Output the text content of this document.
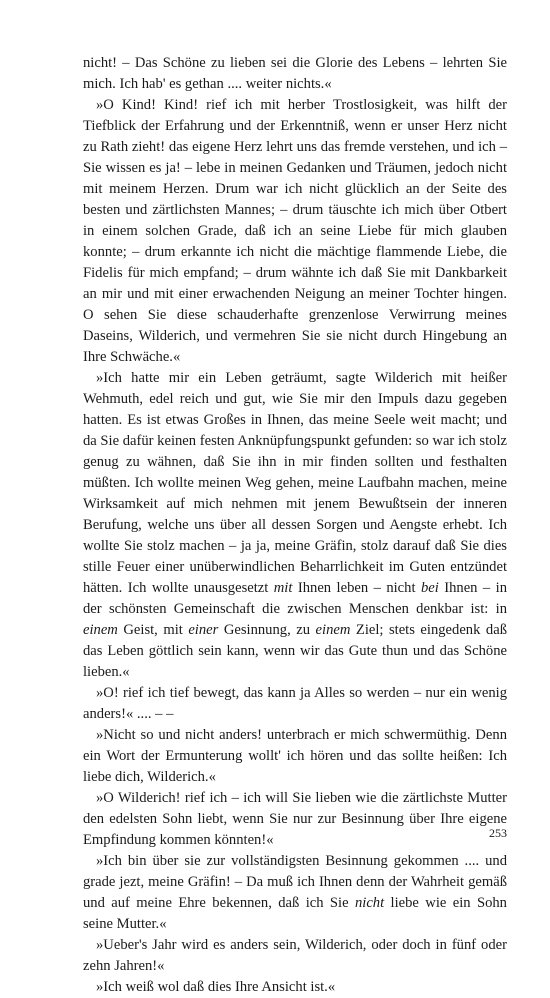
nicht! – Das Schöne zu lieben sei die Glorie des Lebens – lehrten Sie mich. Ich hab' es gethan .... weiter nichts.«

»O Kind! Kind! rief ich mit herber Trostlosigkeit, was hilft der Tiefblick der Erfahrung und der Erkenntniß, wenn er unser Herz nicht zu Rath zieht! das eigene Herz lehrt uns das fremde verstehen, und ich – Sie wissen es ja! – lebe in meinen Gedanken und Träumen, jedoch nicht mit meinem Herzen. Drum war ich nicht glücklich an der Seite des besten und zärtlichsten Mannes; – drum täuschte ich mich über Otbert in einem solchen Grade, daß ich an seine Liebe für mich glauben konnte; – drum erkannte ich nicht die mächtige flammende Liebe, die Fidelis für mich empfand; – drum wähnte ich daß Sie mit Dankbarkeit an mir und mit einer erwachenden Neigung an meiner Tochter hingen. O sehen Sie diese schauderhafte grenzenlose Verwirrung meines Daseins, Wilderich, und vermehren Sie sie nicht durch Hingebung an Ihre Schwäche.«

»Ich hatte mir ein Leben geträumt, sagte Wilderich mit heißer Wehmuth, edel reich und gut, wie Sie mir den Impuls dazu gegeben hatten. Es ist etwas Großes in Ihnen, das meine Seele weit macht; und da Sie dafür keinen festen Anknüpfungspunkt gefunden: so war ich stolz genug zu wähnen, daß Sie ihn in mir finden sollten und festhalten müßten. Ich wollte meinen Weg gehen, meine Laufbahn machen, meine Wirksamkeit auf mich nehmen mit jenem Bewußtsein der inneren Berufung, welche uns über all dessen Sorgen und Aengste erhebt. Ich wollte Sie stolz machen – ja ja, meine Gräfin, stolz darauf daß Sie dies stille Feuer einer unüberwindlichen Beharrlichkeit im Guten entzündet hätten. Ich wollte unausgesetzt mit Ihnen leben – nicht bei Ihnen – in der schönsten Gemeinschaft die zwischen Menschen denkbar ist: in einem Geist, mit einer Gesinnung, zu einem Ziel; stets eingedenk daß das Leben göttlich sein kann, wenn wir das Gute thun und das Schöne lieben.«

»O! rief ich tief bewegt, das kann ja Alles so werden – nur ein wenig anders!« .... – –

»Nicht so und nicht anders! unterbrach er mich schwermüthig. Denn ein Wort der Ermunterung wollt' ich hören und das sollte heißen: Ich liebe dich, Wilderich.«

»O Wilderich! rief ich – ich will Sie lieben wie die zärtlichste Mutter den edelsten Sohn liebt, wenn Sie nur zur Besinnung über Ihre eigene Empfindung kommen könnten!«

»Ich bin über sie zur vollständigsten Besinnung gekommen .... und grade jezt, meine Gräfin! – Da muß ich Ihnen denn der Wahrheit gemäß und auf meine Ehre bekennen, daß ich Sie nicht liebe wie ein Sohn seine Mutter.«

»Ueber's Jahr wird es anders sein, Wilderich, oder doch in fünf oder zehn Jahren!«

»Ich weiß wol daß dies Ihre Ansicht ist.«

253
